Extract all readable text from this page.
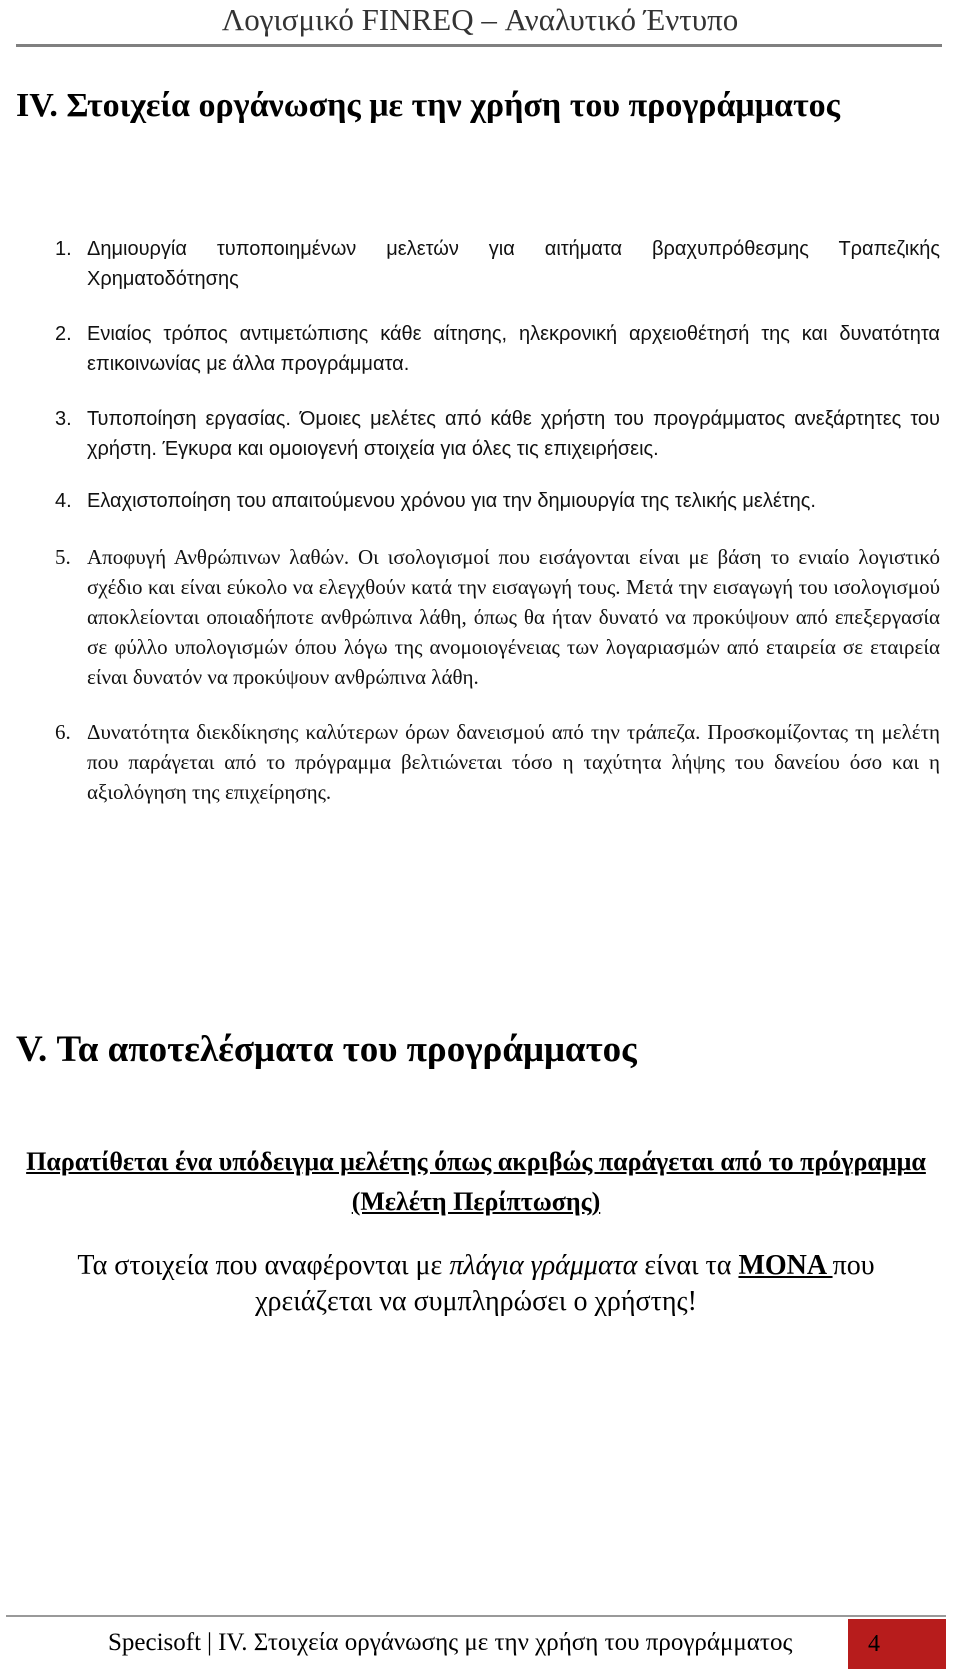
Λογισμικό FINREQ – Αναλυτικό Έντυπο
IV. Στοιχεία οργάνωσης με την χρήση του προγράμματος
1. Δημιουργία τυποποιημένων μελετών για αιτήματα βραχυπρόθεσμης Τραπεζικής Χρηματοδότησης
2. Ενιαίος τρόπος αντιμετώπισης κάθε αίτησης, ηλεκρονική αρχειοθέτησή της και δυνατότητα επικοινωνίας με άλλα προγράμματα.
3. Τυποποίηση εργασίας. Όμοιες μελέτες από κάθε χρήστη του προγράμματος ανεξάρτητες του χρήστη. Έγκυρα και ομοιογενή στοιχεία για όλες τις επιχειρήσεις.
4. Ελαχιστοποίηση του απαιτούμενου χρόνου για την δημιουργία της τελικής μελέτης.
5. Αποφυγή Ανθρώπινων λαθών. Οι ισολογισμοί που εισάγονται είναι με βάση το ενιαίο λογιστικό σχέδιο και είναι εύκολο να ελεγχθούν κατά την εισαγωγή τους. Μετά την εισαγωγή του ισολογισμού αποκλείονται οποιαδήποτε ανθρώπινα λάθη, όπως θα ήταν δυνατό να προκύψουν από επεξεργασία σε φύλλο υπολογισμών όπου λόγω της ανομοιογένειας των λογαριασμών από εταιρεία σε εταιρεία είναι δυνατόν να προκύψουν ανθρώπινα λάθη.
6. Δυνατότητα διεκδίκησης καλύτερων όρων δανεισμού από την τράπεζα. Προσκομίζοντας τη μελέτη που παράγεται από το πρόγραμμα βελτιώνεται τόσο η ταχύτητα λήψης του δανείου όσο και η αξιολόγηση της επιχείρησης.
V. Τα αποτελέσματα του προγράμματος
Παρατίθεται ένα υπόδειγμα μελέτης όπως ακριβώς παράγεται από το πρόγραμμα (Μελέτη Περίπτωσης)
Τα στοιχεία που αναφέρονται με πλάγια γράμματα είναι τα ΜΟΝΑ που χρειάζεται να συμπληρώσει ο χρήστης!
Specisoft | IV. Στοιχεία οργάνωσης με την χρήση του προγράμματος	4
